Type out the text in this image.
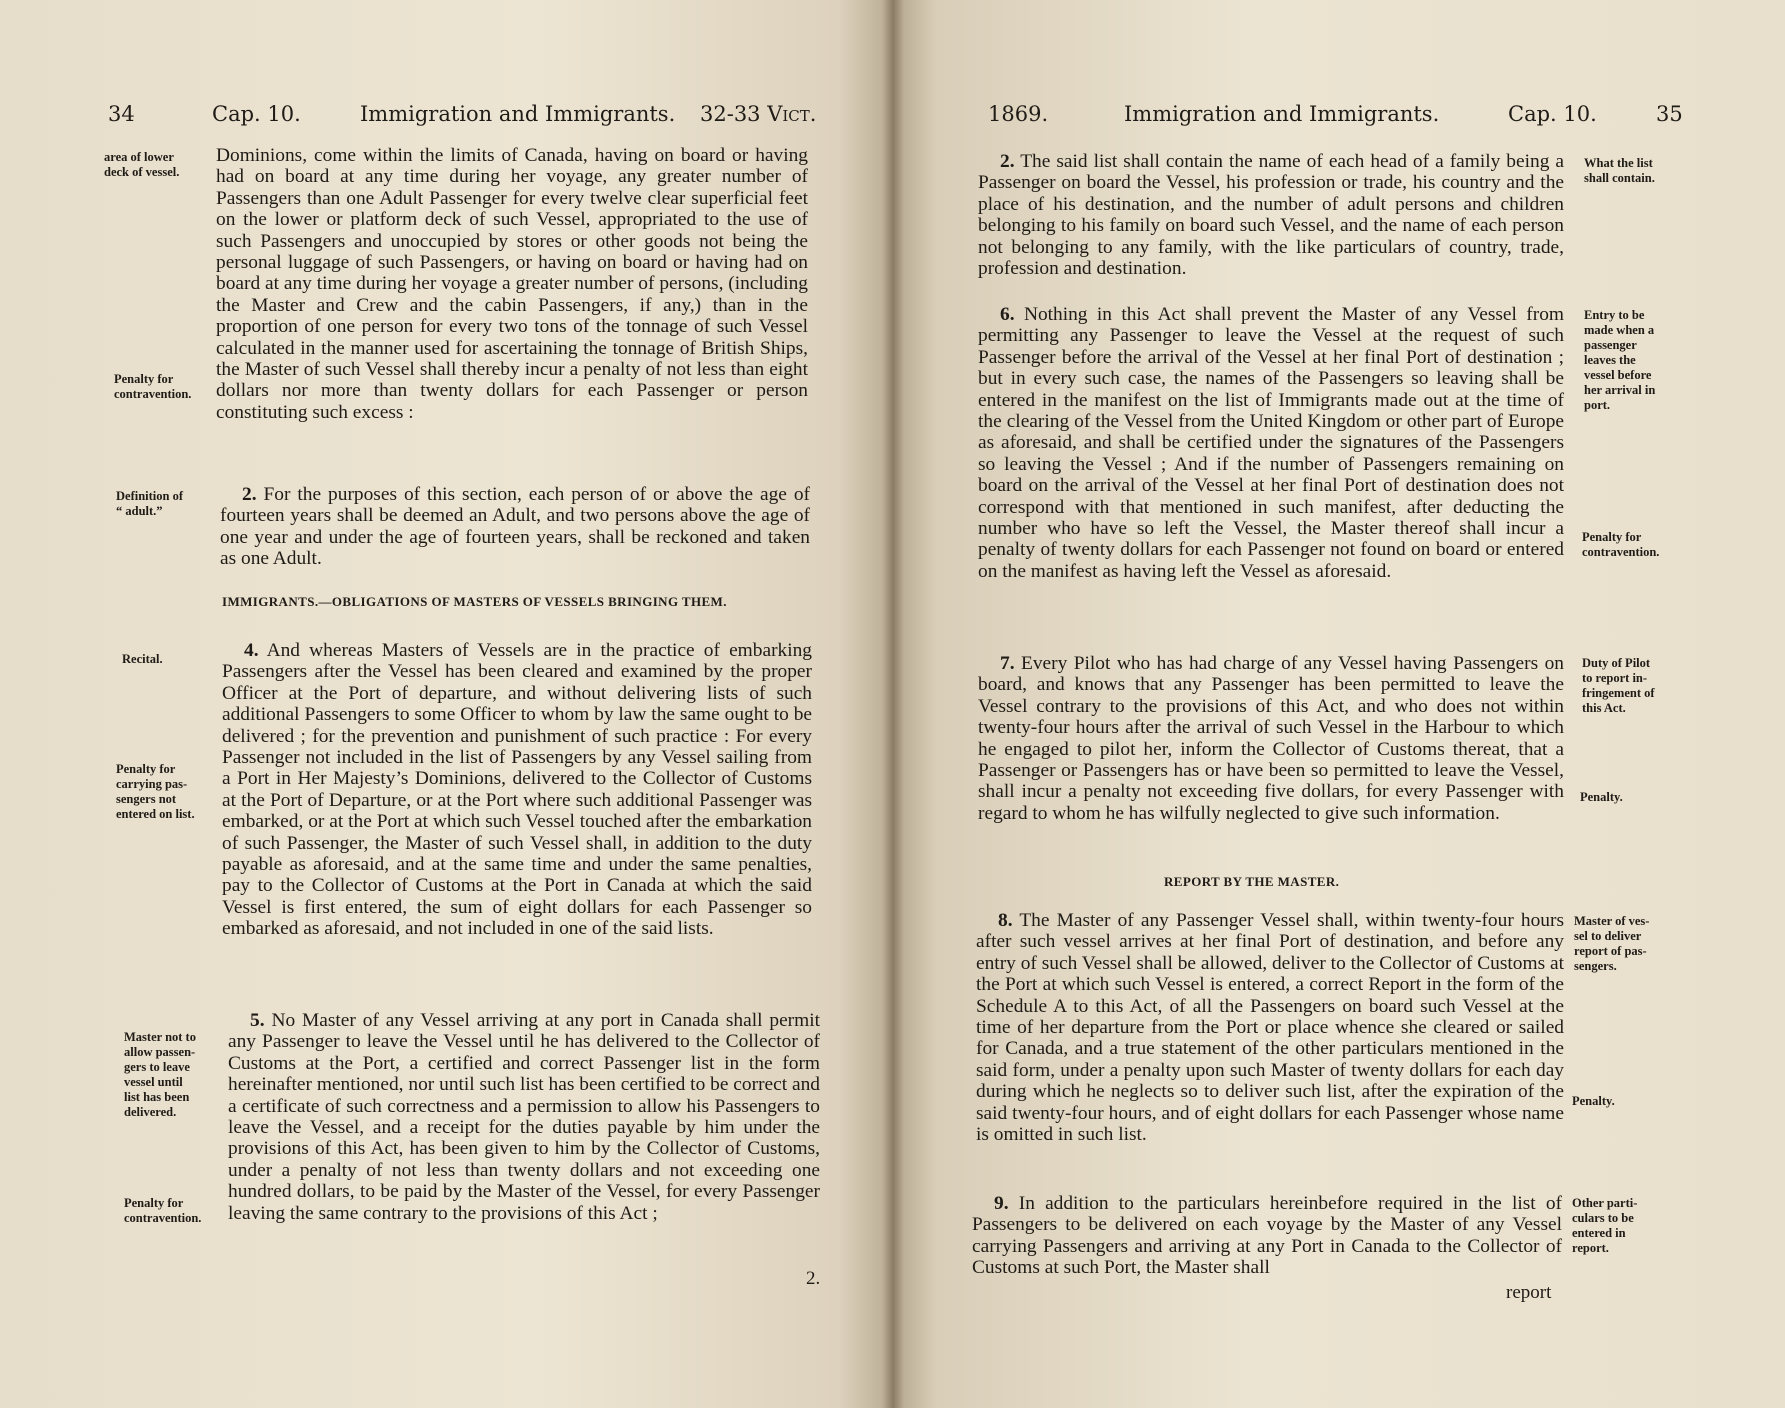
34	Cap. 10.	Immigration and Immigrants. 32-33 Vict.
area of lower
deck of vessel.

Dominions, come within the limits of Canada, having on board or having had on board at any time during her voyage, any greater number of Passengers than one Adult Passenger for every twelve clear superficial feet on the lower or platform deck of such Vessel, appropriated to the use of such Passengers and unoccupied by stores or other goods not being the personal luggage of such Passengers, or having on board or having had on board at any time during her voyage a greater number of persons, (including the Master and Crew and the cabin Passengers, if any,) than in the proportion of one person for every two tons of the tonnage of such Vessel calculated in the manner used for ascertaining the tonnage of British Ships, the Master of such Vessel shall thereby incur a penalty of not less than eight dollars nor more than twenty dollars for each Passenger or person constituting such excess :

Penalty for
contravention.
Definition of
“ adult.”

2. For the purposes of this section, each person of or above the age of fourteen years shall be deemed an Adult, and two persons above the age of one year and under the age of fourteen years, shall be reckoned and taken as one Adult.

IMMIGRANTS.—OBLIGATIONS OF MASTERS OF VESSELS BRINGING THEM.
Recital.	4. And whereas Masters of Vessels are in the practice of embarking Passengers after the Vessel has been cleared and examined by the proper Officer at the Port of departure, and without delivering lists of such additional Passengers to some Officer to whom by law the same ought to be delivered ; for the prevention and punishment of such practice : For every Passenger not included in the list of Passengers by any Vessel sailing from a Port in Her Majesty’s Dominions, delivered to the Collector of Customs at the Port of Departure, or at the Port where such additional Passenger was embarked, or at the Port at which such Vessel touched after the embarkation of such Passenger, the Master of such Vessel shall, in addition to the duty payable as aforesaid, and at the same time and under the same penalties, pay to the Collector of Customs at the Port in Canada at which the said Vessel is first entered, the sum of eight dollars for each Passenger so embarked as aforesaid, and not included in one of the said lists.

Penalty for
carrying pas-
sengers not
entered on list.
Master not to
allow passen-
gers to leave
vessel until
list has been
delivered.

5. No Master of any Vessel arriving at any port in Canada shall permit any Passenger to leave the Vessel until he has delivered to the Collector of Customs at the Port, a certified and correct Passenger list in the form hereinafter mentioned, nor until such list has been certified to be correct and a certificate of such correctness and a permission to allow his Passengers to leave the Vessel, and a receipt for the duties payable by him under the provisions of this Act, has been given to him by the Collector of Customs, under a penalty of not less than twenty dollars and not exceeding one hundred dollars, to be paid by the Master of the Vessel, for every Passenger leaving the same contrary to the provisions of this Act ;

Penalty for
contravention.
2.
1869.	Immigration and Immigrants.	Cap. 10.	35

2. The said list shall contain the name of each head of a family being a Passenger on board the Vessel, his profession or trade, his country and the place of his destination, and the number of adult persons and children belonging to his family on board such Vessel, and the name of each person not belonging to any family, with the like particulars of country, trade, profession and destination.

What the list
shall contain.

6. Nothing in this Act shall prevent the Master of any Vessel from permitting any Passenger to leave the Vessel at the request of such Passenger before the arrival of the Vessel at her final Port of destination ; but in every such case, the names of the Passengers so leaving shall be entered in the manifest on the list of Immigrants made out at the time of the clearing of the Vessel from the United Kingdom or other part of Europe as aforesaid, and shall be certified under the signatures of the Passengers so leaving the Vessel ; And if the number of Passengers remaining on board on the arrival of the Vessel at her final Port of destination does not correspond with that mentioned in such manifest, after deducting the number who have so left the Vessel, the Master thereof shall incur a penalty of twenty dollars for each Passenger not found on board or entered on the manifest as having left the Vessel as aforesaid.

Entry to be
made when a
passenger
leaves the
vessel before
her arrival in
port.
Penalty for
contravention.

7. Every Pilot who has had charge of any Vessel having Passengers on board, and knows that any Passenger has been permitted to leave the Vessel contrary to the provisions of this Act, and who does not within twenty-four hours after the arrival of such Vessel in the Harbour to which he engaged to pilot her, inform the Collector of Customs thereat, that a Passenger or Passengers has or have been so permitted to leave the Vessel, shall incur a penalty not exceeding five dollars, for every Passenger with regard to whom he has wilfully neglected to give such information.

Duty of Pilot
to report in-
fringement of
this Act.
Penalty.
REPORT BY THE MASTER.

8. The Master of any Passenger Vessel shall, within twenty-four hours after such vessel arrives at her final Port of destination, and before any entry of such Vessel shall be allowed, deliver to the Collector of Customs at the Port at which such Vessel is entered, a correct Report in the form of the Schedule A to this Act, of all the Passengers on board such Vessel at the time of her departure from the Port or place whence she cleared or sailed for Canada, and a true statement of the other particulars mentioned in the said form, under a penalty upon such Master of twenty dollars for each day during which he neglects so to deliver such list, after the expiration of the said twenty-four hours, and of eight dollars for each Passenger whose name is omitted in such list.

Master of ves-
sel to deliver
report of pas-
sengers.
Penalty.

9. In addition to the particulars hereinbefore required in the list of Passengers to be delivered on each voyage by the Master of any Vessel carrying Passengers and arriving at any Port in Canada to the Collector of Customs at such Port, the Master shall

Other parti-
culars to be
entered in
report.
report
